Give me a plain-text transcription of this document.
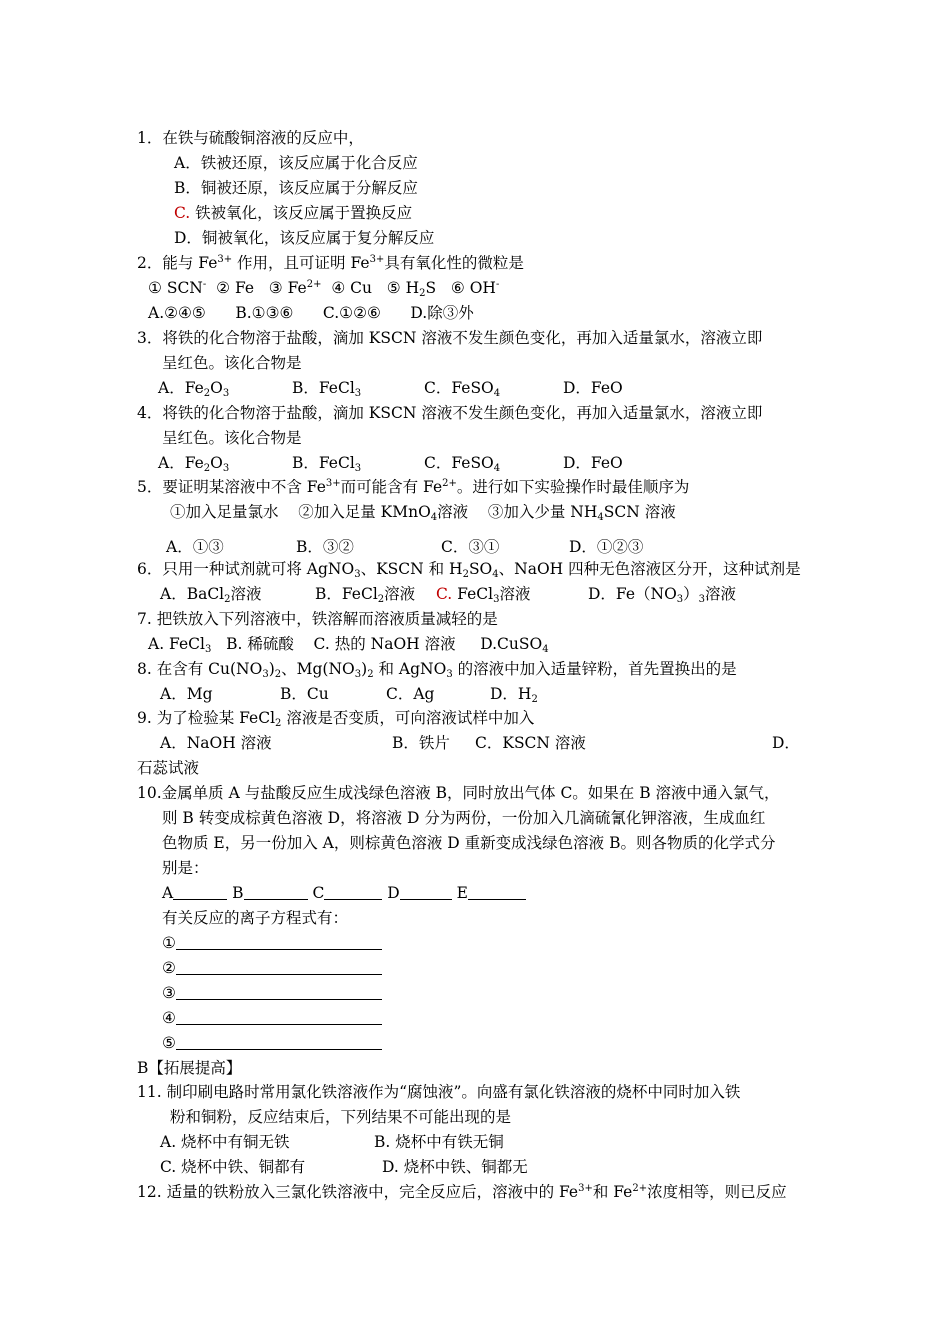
1．在铁与硫酸铜溶液的反应中，
A．铁被还原，该反应属于化合反应
B．铜被还原，该反应属于分解反应
C. 铁被氧化，该反应属于置换反应
D．铜被氧化，该反应属于复分解反应
2．能与 $Fe^{3+}$ 作用，且可证明 $Fe^{3+}$具有氧化性的微粒是
① SCN-  ② Fe   ③ $Fe^{2+}$  ④ Cu   ⑤ $H_2S$   ⑥ OH-
A.②④⑤      B.①③⑥      C.①②⑥      D.除③外
3．将铁的化合物溶于盐酸，滴加 KSCN 溶液不发生颜色变化，再加入适量氯水，溶液立即
呈红色。该化合物是
A．$Fe_2O_3$	B．FeCl$_3$	C．FeSO$_4$	D．FeO
4．将铁的化合物溶于盐酸，滴加 KSCN 溶液不发生颜色变化，再加入适量氯水，溶液立即
呈红色。该化合物是
A．$Fe_2O_3$	B．FeCl$_3$	C．FeSO$_4$	D．FeO
5．要证明某溶液中不含 $Fe^{3+}$而可能含有 $Fe^{2+}$。进行如下实验操作时最佳顺序为
①加入足量氯水    ②加入足量 KMnO$_4$溶液    ③加入少量 $NH_4SCN$ 溶液
A．①③	B．③②	C．③①	D．①②③
6．只用一种试剂就可将 AgNO$_3$、KSCN 和 $H_2SO_4$、NaOH 四种无色溶液区分开，这种试剂是
A．BaCl$_2$溶液	B．FeCl$_2$溶液 C. FeCl$_3$溶液	D．$Fe(NO_3)_3$溶液
7. 把铁放入下列溶液中，铁溶解而溶液质量减轻的是
A. FeCl$_3$   B. 稀硫酸    C. 热的 NaOH 溶液     D.CuSO$_4$
8. 在含有 $Cu(NO_3)_2$、$Mg(NO_3)_2$ 和 AgNO$_3$ 的溶液中加入适量锌粉，首先置换出的是
A．Mg	B．Cu	C．Ag	D．$H_2$
9. 为了检验某 FeCl$_2$ 溶液是否变质，可向溶液试样中加入
A．NaOH 溶液	B．铁片 C．KSCN 溶液	D．
石蕊试液
10.金属单质 A 与盐酸反应生成浅绿色溶液 B，同时放出气体 C。如果在 B 溶液中通入氯气，
则 B 转变成棕黄色溶液 D，将溶液 D 分为两份，一份加入几滴硫氰化钾溶液，生成血红
色物质 E，另一份加入 A，则棕黄色溶液 D 重新变成浅绿色溶液 B。则各物质的化学式分
别是：
A	B	C	D	E
有关反应的离子方程式有：
①
②
③
④
⑤
B【拓展提高】
11. 制印刷电路时常用氯化铁溶液作为“腐蚀液”。向盛有氯化铁溶液的烧杯中同时加入铁
粉和铜粉，反应结束后，下列结果不可能出现的是
A. 烧杯中有铜无铁	B. 烧杯中有铁无铜
C. 烧杯中铁、铜都有	D. 烧杯中铁、铜都无
12. 适量的铁粉放入三氯化铁溶液中，完全反应后，溶液中的 $Fe^{3+}$和 $Fe^{2+}$浓度相等，则已反应
